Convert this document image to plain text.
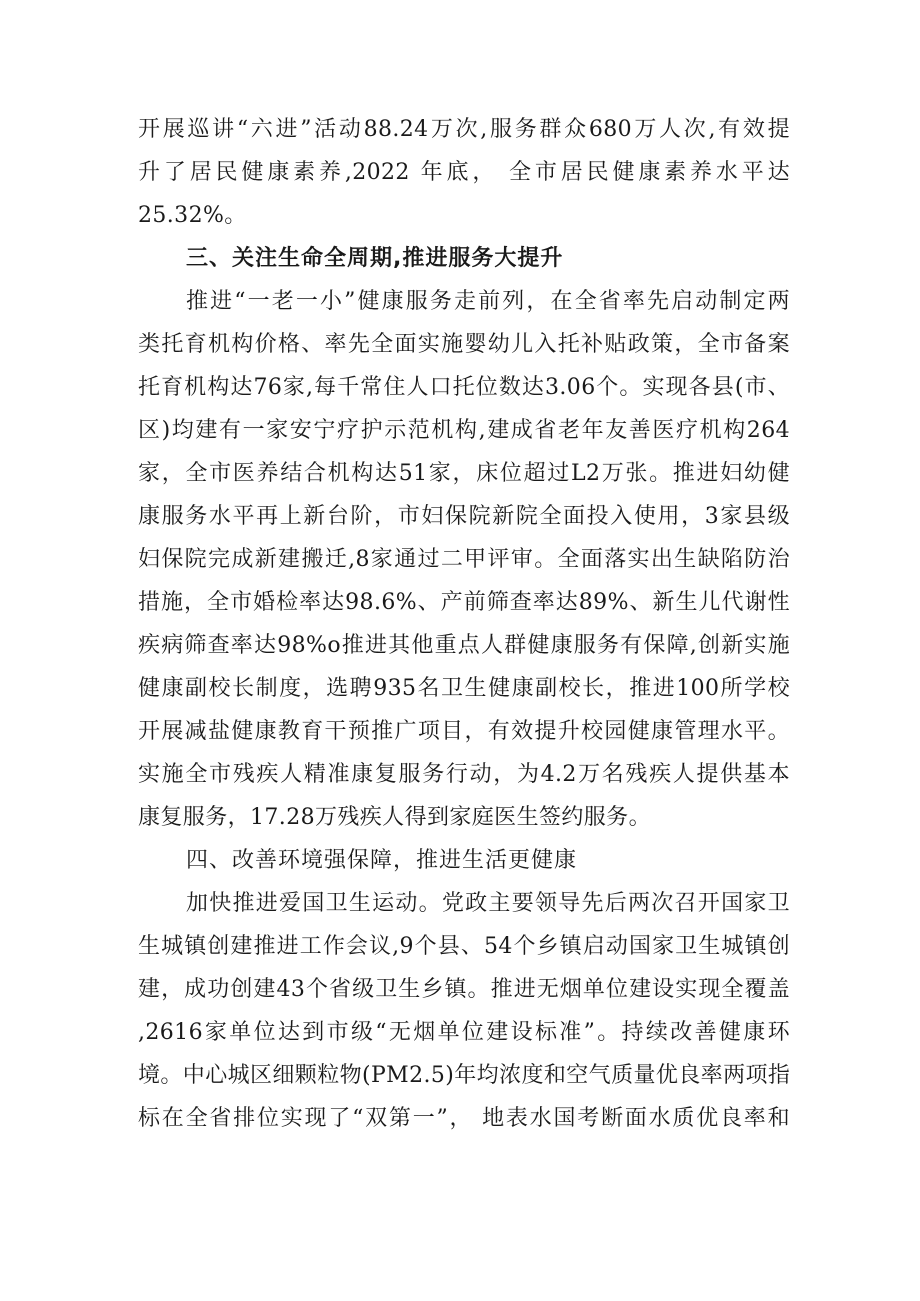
开展巡讲“六进”活动88.24万次,服务群众680万人次,有效提
升了居民健康素养,2022 年底， 全市居民健康素养水平达
25.32%。
三、关注生命全周期,推进服务大提升
推进“一老一小”健康服务走前列，在全省率先启动制定两
类托育机构价格、率先全面实施婴幼儿入托补贴政策，全市备案
托育机构达76家,每千常住人口托位数达3.06个。实现各县(市、
区)均建有一家安宁疗护示范机构,建成省老年友善医疗机构264
家，全市医养结合机构达51家，床位超过L2万张。推进妇幼健
康服务水平再上新台阶，市妇保院新院全面投入使用，3家县级
妇保院完成新建搬迁,8家通过二甲评审。全面落实出生缺陷防治
措施，全市婚检率达98.6%、产前筛查率达89%、新生儿代谢性
疾病筛查率达98%o推进其他重点人群健康服务有保障,创新实施
健康副校长制度，选聘935名卫生健康副校长，推进100所学校
开展减盐健康教育干预推广项目，有效提升校园健康管理水平。
实施全市残疾人精准康复服务行动，为4.2万名残疾人提供基本
康复服务，17.28万残疾人得到家庭医生签约服务。
四、改善环境强保障，推进生活更健康
加快推进爱国卫生运动。党政主要领导先后两次召开国家卫
生城镇创建推进工作会议,9个县、54个乡镇启动国家卫生城镇创
建，成功创建43个省级卫生乡镇。推进无烟单位建设实现全覆盖
,2616家单位达到市级“无烟单位建设标准”。持续改善健康环
境。中心城区细颗粒物(PM2.5)年均浓度和空气质量优良率两项指
标在全省排位实现了“双第一”， 地表水国考断面水质优良率和
